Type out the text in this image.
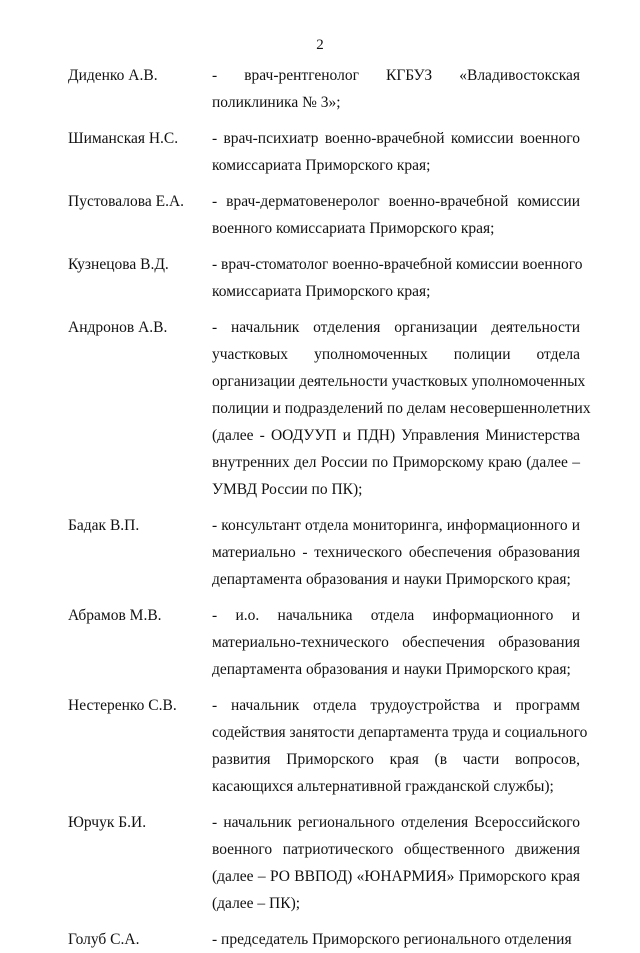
2
Диденко А.В.	- врач-рентгенолог КГБУЗ «Владивостокская
поликлиника № 3»;
Шиманская Н.С. - врач-психиатр военно-врачебной комиссии военного
комиссариата Приморского края;
Пустовалова Е.А. - врач-дерматовенеролог военно-врачебной комиссии
военного комиссариата Приморского края;
Кузнецова В.Д.	- врач-стоматолог военно-врачебной комиссии военного
комиссариата Приморского края;
Андронов А.В.	- начальник отделения организации деятельности
участковых уполномоченных полиции отдела
организации деятельности участковых уполномоченных
полиции и подразделений по делам несовершеннолетних
(далее - ООДУУП и ПДН) Управления Министерства
внутренних дел России по Приморскому краю (далее –
УМВД России по ПК);
Бадак В.П.	- консультант отдела мониторинга, информационного и
материально - технического обеспечения образования
департамента образования и науки Приморского края;
Абрамов М.В.	- и.о. начальника отдела информационного и
материально-технического обеспечения образования
департамента образования и науки Приморского края;
Нестеренко С.В. - начальник отдела трудоустройства и программ
содействия занятости департамента труда и социального
развития Приморского края (в части вопросов,
касающихся альтернативной гражданской службы);
Юрчук Б.И.	- начальник регионального отделения Всероссийского
военного патриотического общественного движения
(далее – РО ВВПОД) «ЮНАРМИЯ» Приморского края
(далее – ПК);
Голуб С.А.	- председатель Приморского регионального отделения
